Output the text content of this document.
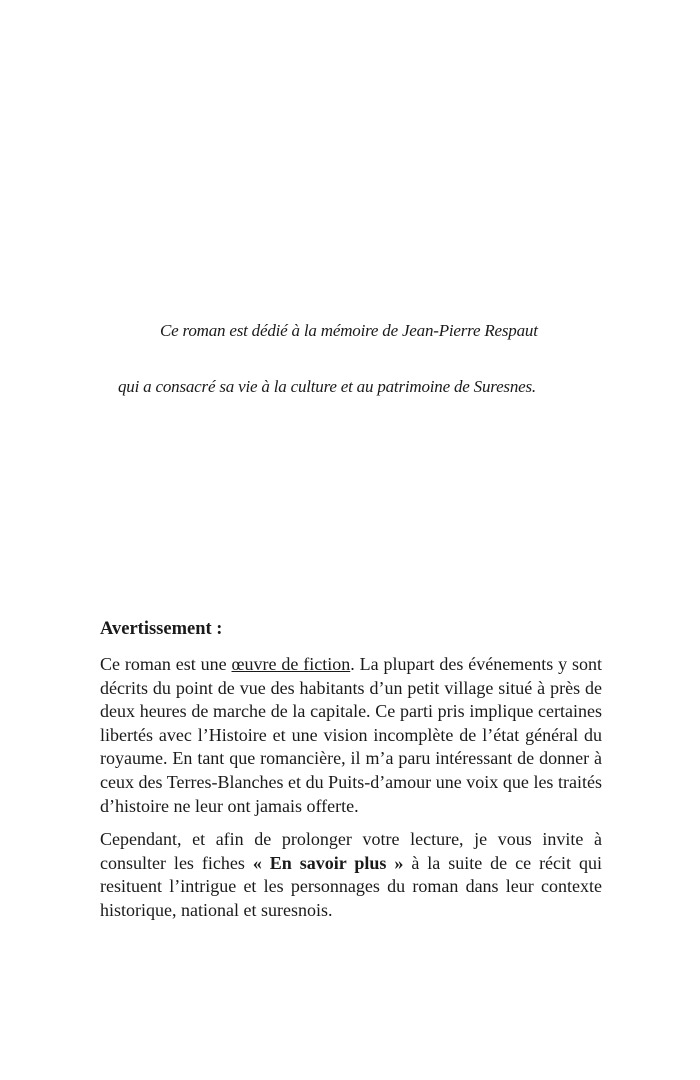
Ce roman est dédié à la mémoire de Jean-Pierre Respaut
qui a consacré sa vie à la culture et au patrimoine de Suresnes.
Avertissement :

Ce roman est une œuvre de fiction. La plupart des événements y sont décrits du point de vue des habitants d’un petit village situé à près de deux heures de marche de la capitale. Ce parti pris implique certaines libertés avec l’Histoire et une vision incomplète de l’état général du royaume. En tant que romancière, il m’a paru intéressant de donner à ceux des Terres-Blanches et du Puits-d’amour une voix que les traités d’histoire ne leur ont jamais offerte.

Cependant, et afin de prolonger votre lecture, je vous invite à consulter les fiches « En savoir plus » à la suite de ce récit qui resituent l’intrigue et les personnages du roman dans leur contexte historique, national et suresnois.
